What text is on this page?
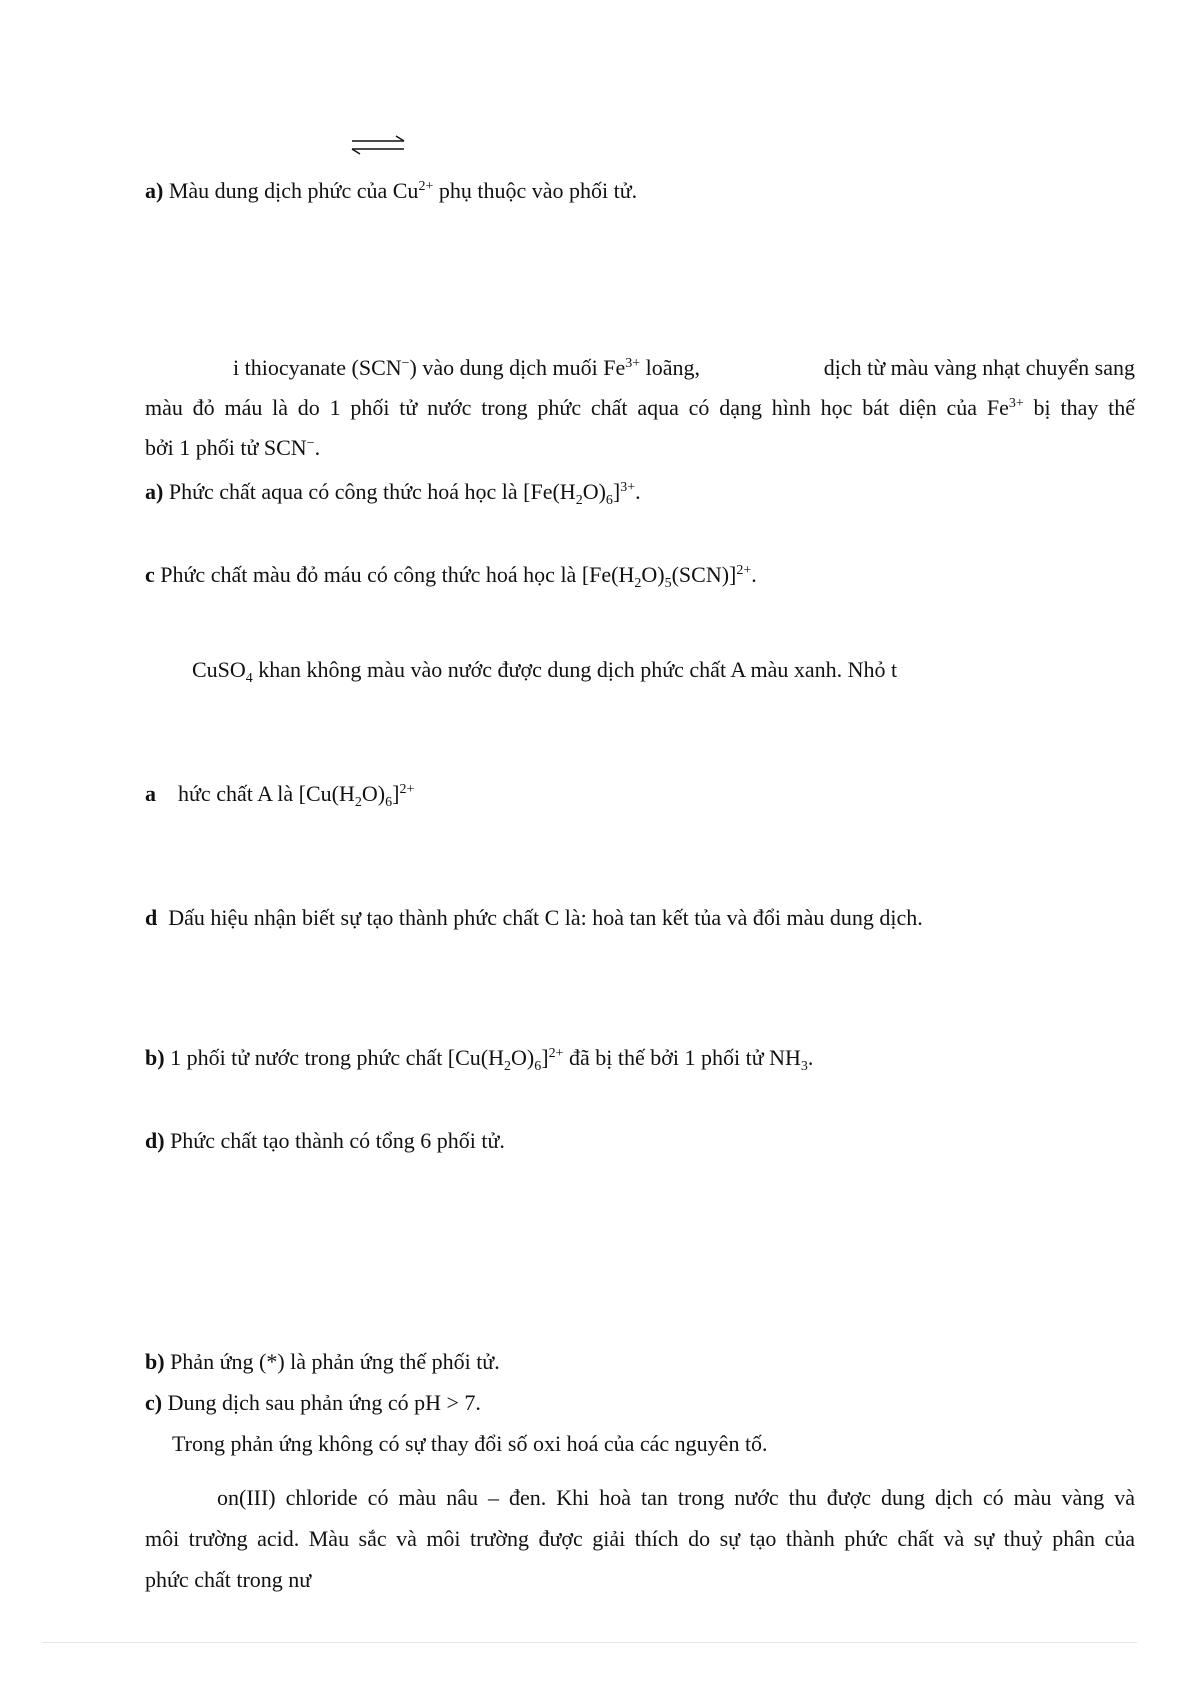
a) Màu dung dịch phức của $Cu^{2+}$ phụ thuộc vào phối tử.

i thiocyanate (SCN−) vào dung dịch muối $Fe^{3+}$ loãng,	dịch từ màu vàng nhạt chuyển sang

màu đỏ máu là do 1 phối tử nước trong phức chất aqua có dạng hình học bát diện của $Fe^{3+}$ bị thay thế

bởi 1 phối tử SCN−.

a) Phức chất aqua có công thức hoá học là $[Fe(H_2O)_6]^{3+}$.

c Phức chất màu đỏ máu có công thức hoá học là $[Fe(H_2O)_5(SCN)]^{2+}$.

CuSO$_4$ khan không màu vào nước được dung dịch phức chất A màu xanh. Nhỏ t

a    hức chất A là $[Cu(H_2O)_6]^{2+}$

d  Dấu hiệu nhận biết sự tạo thành phức chất C là: hoà tan kết tủa và đổi màu dung dịch.

b) 1 phối tử nước trong phức chất $[Cu(H_2O)_6]^{2+}$ đã bị thế bởi 1 phối tử $NH_3$.

d) Phức chất tạo thành có tổng 6 phối tử.

b) Phản ứng (*) là phản ứng thế phối tử.

c) Dung dịch sau phản ứng có pH > 7.

Trong phản ứng không có sự thay đổi số oxi hoá của các nguyên tố.

on(III) chloride có màu nâu – đen. Khi hoà tan trong nước thu được dung dịch có màu vàng và

môi trường acid. Màu sắc và môi trường được giải thích do sự tạo thành phức chất và sự thuỷ phân của

phức chất trong nư
